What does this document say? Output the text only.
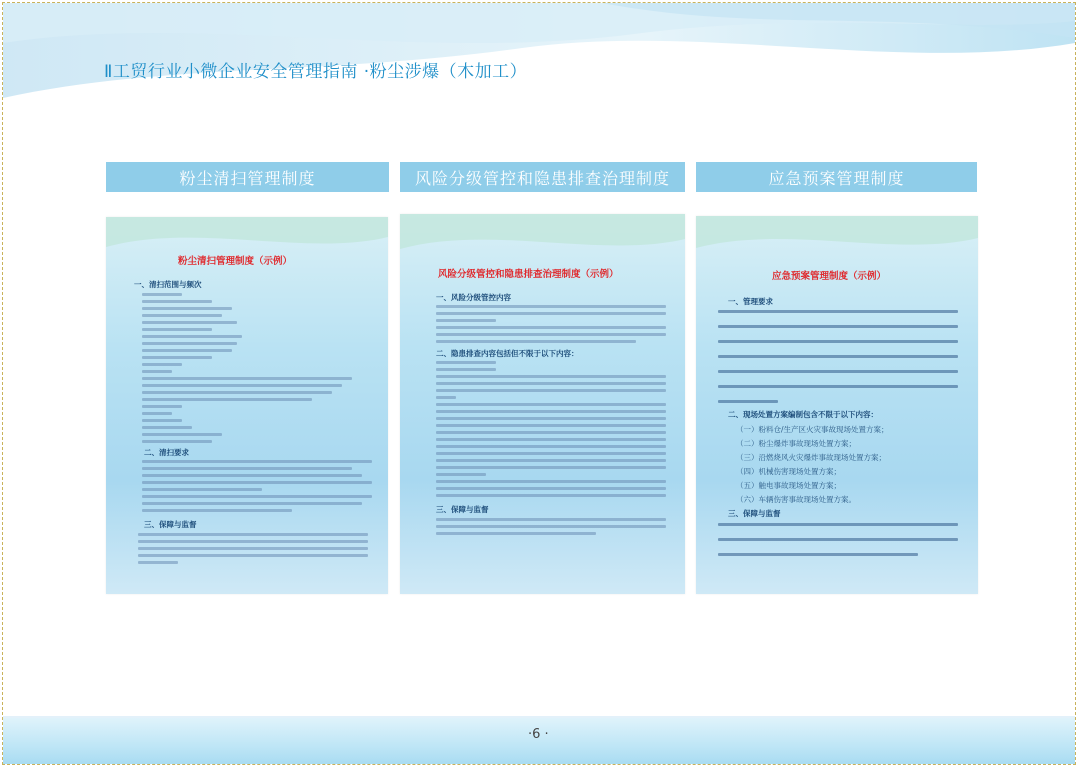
Ⅱ工贸行业小微企业安全管理指南 ·粉尘涉爆（木加工）
粉尘清扫管理制度	风险分级管控和隐患排查治理制度	应急预案管理制度
粉尘清扫管理制度（示例）
一、清扫范围与频次
二、清扫要求
三、保障与监督
风险分级管控和隐患排查治理制度（示例）
一、风险分级管控内容
二、隐患排查内容包括但不限于以下内容：
三、保障与监督
应急预案管理制度（示例）
一、管理要求
二、现场处置方案编制包含不限于以下内容：
（一）粉料仓/生产区火灾事故现场处置方案；
（二）粉尘爆炸事故现场处置方案；
（三）沿燃烧风火灾爆炸事故现场处置方案；
（四）机械伤害现场处置方案；
（五）触电事故现场处置方案；
（六）车辆伤害事故现场处置方案。
三、保障与监督
·6 ·
